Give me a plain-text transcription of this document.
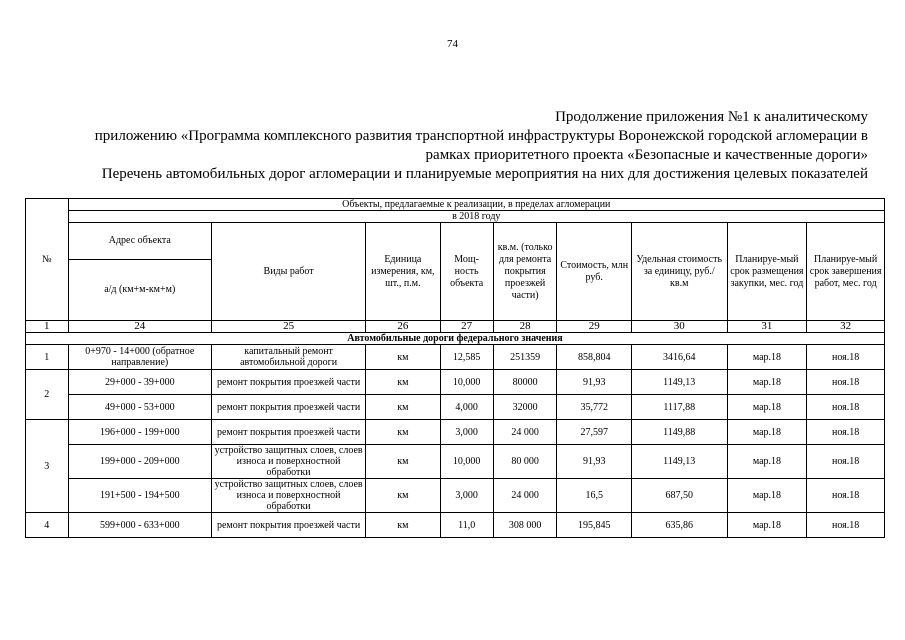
74
Продолжение приложения №1 к аналитическому
приложению «Программа комплексного развития транспортной инфраструктуры Воронежской городской агломерации в
рамках приоритетного проекта «Безопасные и качественные дороги»
Перечень автомобильных дорог агломерации и планируемые мероприятия на них для достижения целевых показателей
№	Объекты, предлагаемые к реализации, в пределах агломерации								
	в 2018 году								
	Адрес объекта	Виды работ	Единица измерения, км, шт., п.м.	Мощ-ность объекта	кв.м. (только для ремонта покрытия проезжей части)	Стоимость, млн руб.	Удельная стоимость за единицу, руб./ кв.м	Планируе-мый срок размещения закупки, мес. год	Планируе-мый срок завершения работ, мес. год
	а/д (км+м-км+м)								
1	24	25	26	27	28	29	30	31	32
Автомобильные дороги федерального значения									
1	0+970 - 14+000 (обратное направление)	капитальный ремонт автомобильной дороги	км	12,585	251359	858,804	3416,64	мар.18	ноя.18
2	29+000 - 39+000	ремонт покрытия проезжей части	км	10,000	80000	91,93	1149,13	мар.18	ноя.18
	49+000 - 53+000	ремонт покрытия проезжей части	км	4,000	32000	35,772	1117,88	мар.18	ноя.18
3	196+000 - 199+000	ремонт покрытия проезжей части	км	3,000	24 000	27,597	1149,88	мар.18	ноя.18
	199+000 - 209+000	устройство защитных слоев, слоев износа и поверхностной обработки	км	10,000	80 000	91,93	1149,13	мар.18	ноя.18
	191+500 - 194+500	устройство защитных слоев, слоев износа и поверхностной обработки	км	3,000	24 000	16,5	687,50	мар.18	ноя.18
4	599+000 - 633+000	ремонт покрытия проезжей части	км	11,0	308 000	195,845	635,86	мар.18	ноя.18
